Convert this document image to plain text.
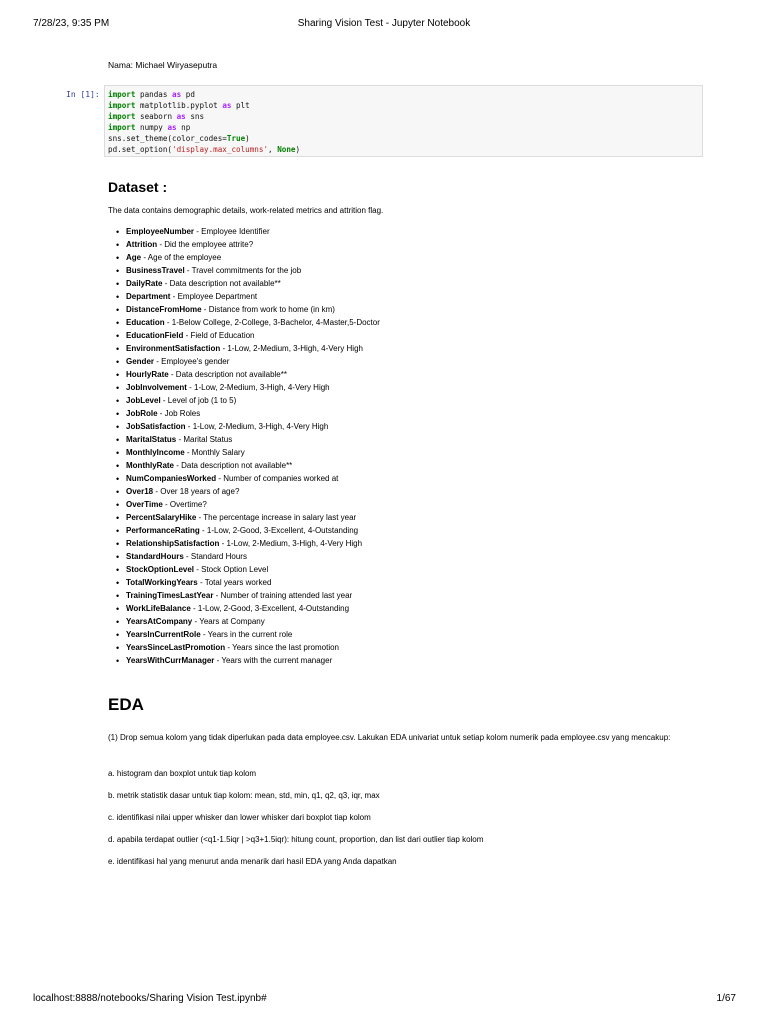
7/28/23, 9:35 PM	Sharing Vision Test - Jupyter Notebook
Nama: Michael Wiryaseputra
In [1]: import pandas as pd
import matplotlib.pyplot as plt
import seaborn as sns
import numpy as np
sns.set_theme(color_codes=True)
pd.set_option('display.max_columns', None)
Dataset :

The data contains demographic details, work-related metrics and attrition flag.

• EmployeeNumber - Employee Identifier
• Attrition - Did the employee attrite?
• Age - Age of the employee
• BusinessTravel - Travel commitments for the job
• DailyRate - Data description not available**
• Department - Employee Department
• DistanceFromHome - Distance from work to home (in km)
• Education - 1-Below College, 2-College, 3-Bachelor, 4-Master,5-Doctor
• EducationField - Field of Education
• EnvironmentSatisfaction - 1-Low, 2-Medium, 3-High, 4-Very High
• Gender - Employee's gender
• HourlyRate - Data description not available**
• JobInvolvement - 1-Low, 2-Medium, 3-High, 4-Very High
• JobLevel - Level of job (1 to 5)
• JobRole - Job Roles
• JobSatisfaction - 1-Low, 2-Medium, 3-High, 4-Very High
• MaritalStatus - Marital Status
• MonthlyIncome - Monthly Salary
• MonthlyRate - Data description not available**
• NumCompaniesWorked - Number of companies worked at
• Over18 - Over 18 years of age?
• OverTime - Overtime?
• PercentSalaryHike - The percentage increase in salary last year
• PerformanceRating - 1-Low, 2-Good, 3-Excellent, 4-Outstanding
• RelationshipSatisfaction - 1-Low, 2-Medium, 3-High, 4-Very High
• StandardHours - Standard Hours
• StockOptionLevel - Stock Option Level
• TotalWorkingYears - Total years worked
• TrainingTimesLastYear - Number of training attended last year
• WorkLifeBalance - 1-Low, 2-Good, 3-Excellent, 4-Outstanding
• YearsAtCompany - Years at Company
• YearsInCurrentRole - Years in the current role
• YearsSinceLastPromotion - Years since the last promotion
• YearsWithCurrManager - Years with the current manager
EDA

(1) Drop semua kolom yang tidak diperlukan pada data employee.csv. Lakukan EDA univariat untuk setiap kolom numerik pada employee.csv yang mencakup:

a. histogram dan boxplot untuk tiap kolom

b. metrik statistik dasar untuk tiap kolom: mean, std, min, q1, q2, q3, iqr, max

c. identifikasi nilai upper whisker dan lower whisker dari boxplot tiap kolom

d. apabila terdapat outlier (<q1-1.5iqr | >q3+1.5iqr): hitung count, proportion, dan list dari outlier tiap kolom

e. identifikasi hal yang menurut anda menarik dari hasil EDA yang Anda dapatkan

localhost:8888/notebooks/Sharing Vision Test.ipynb#	1/67
